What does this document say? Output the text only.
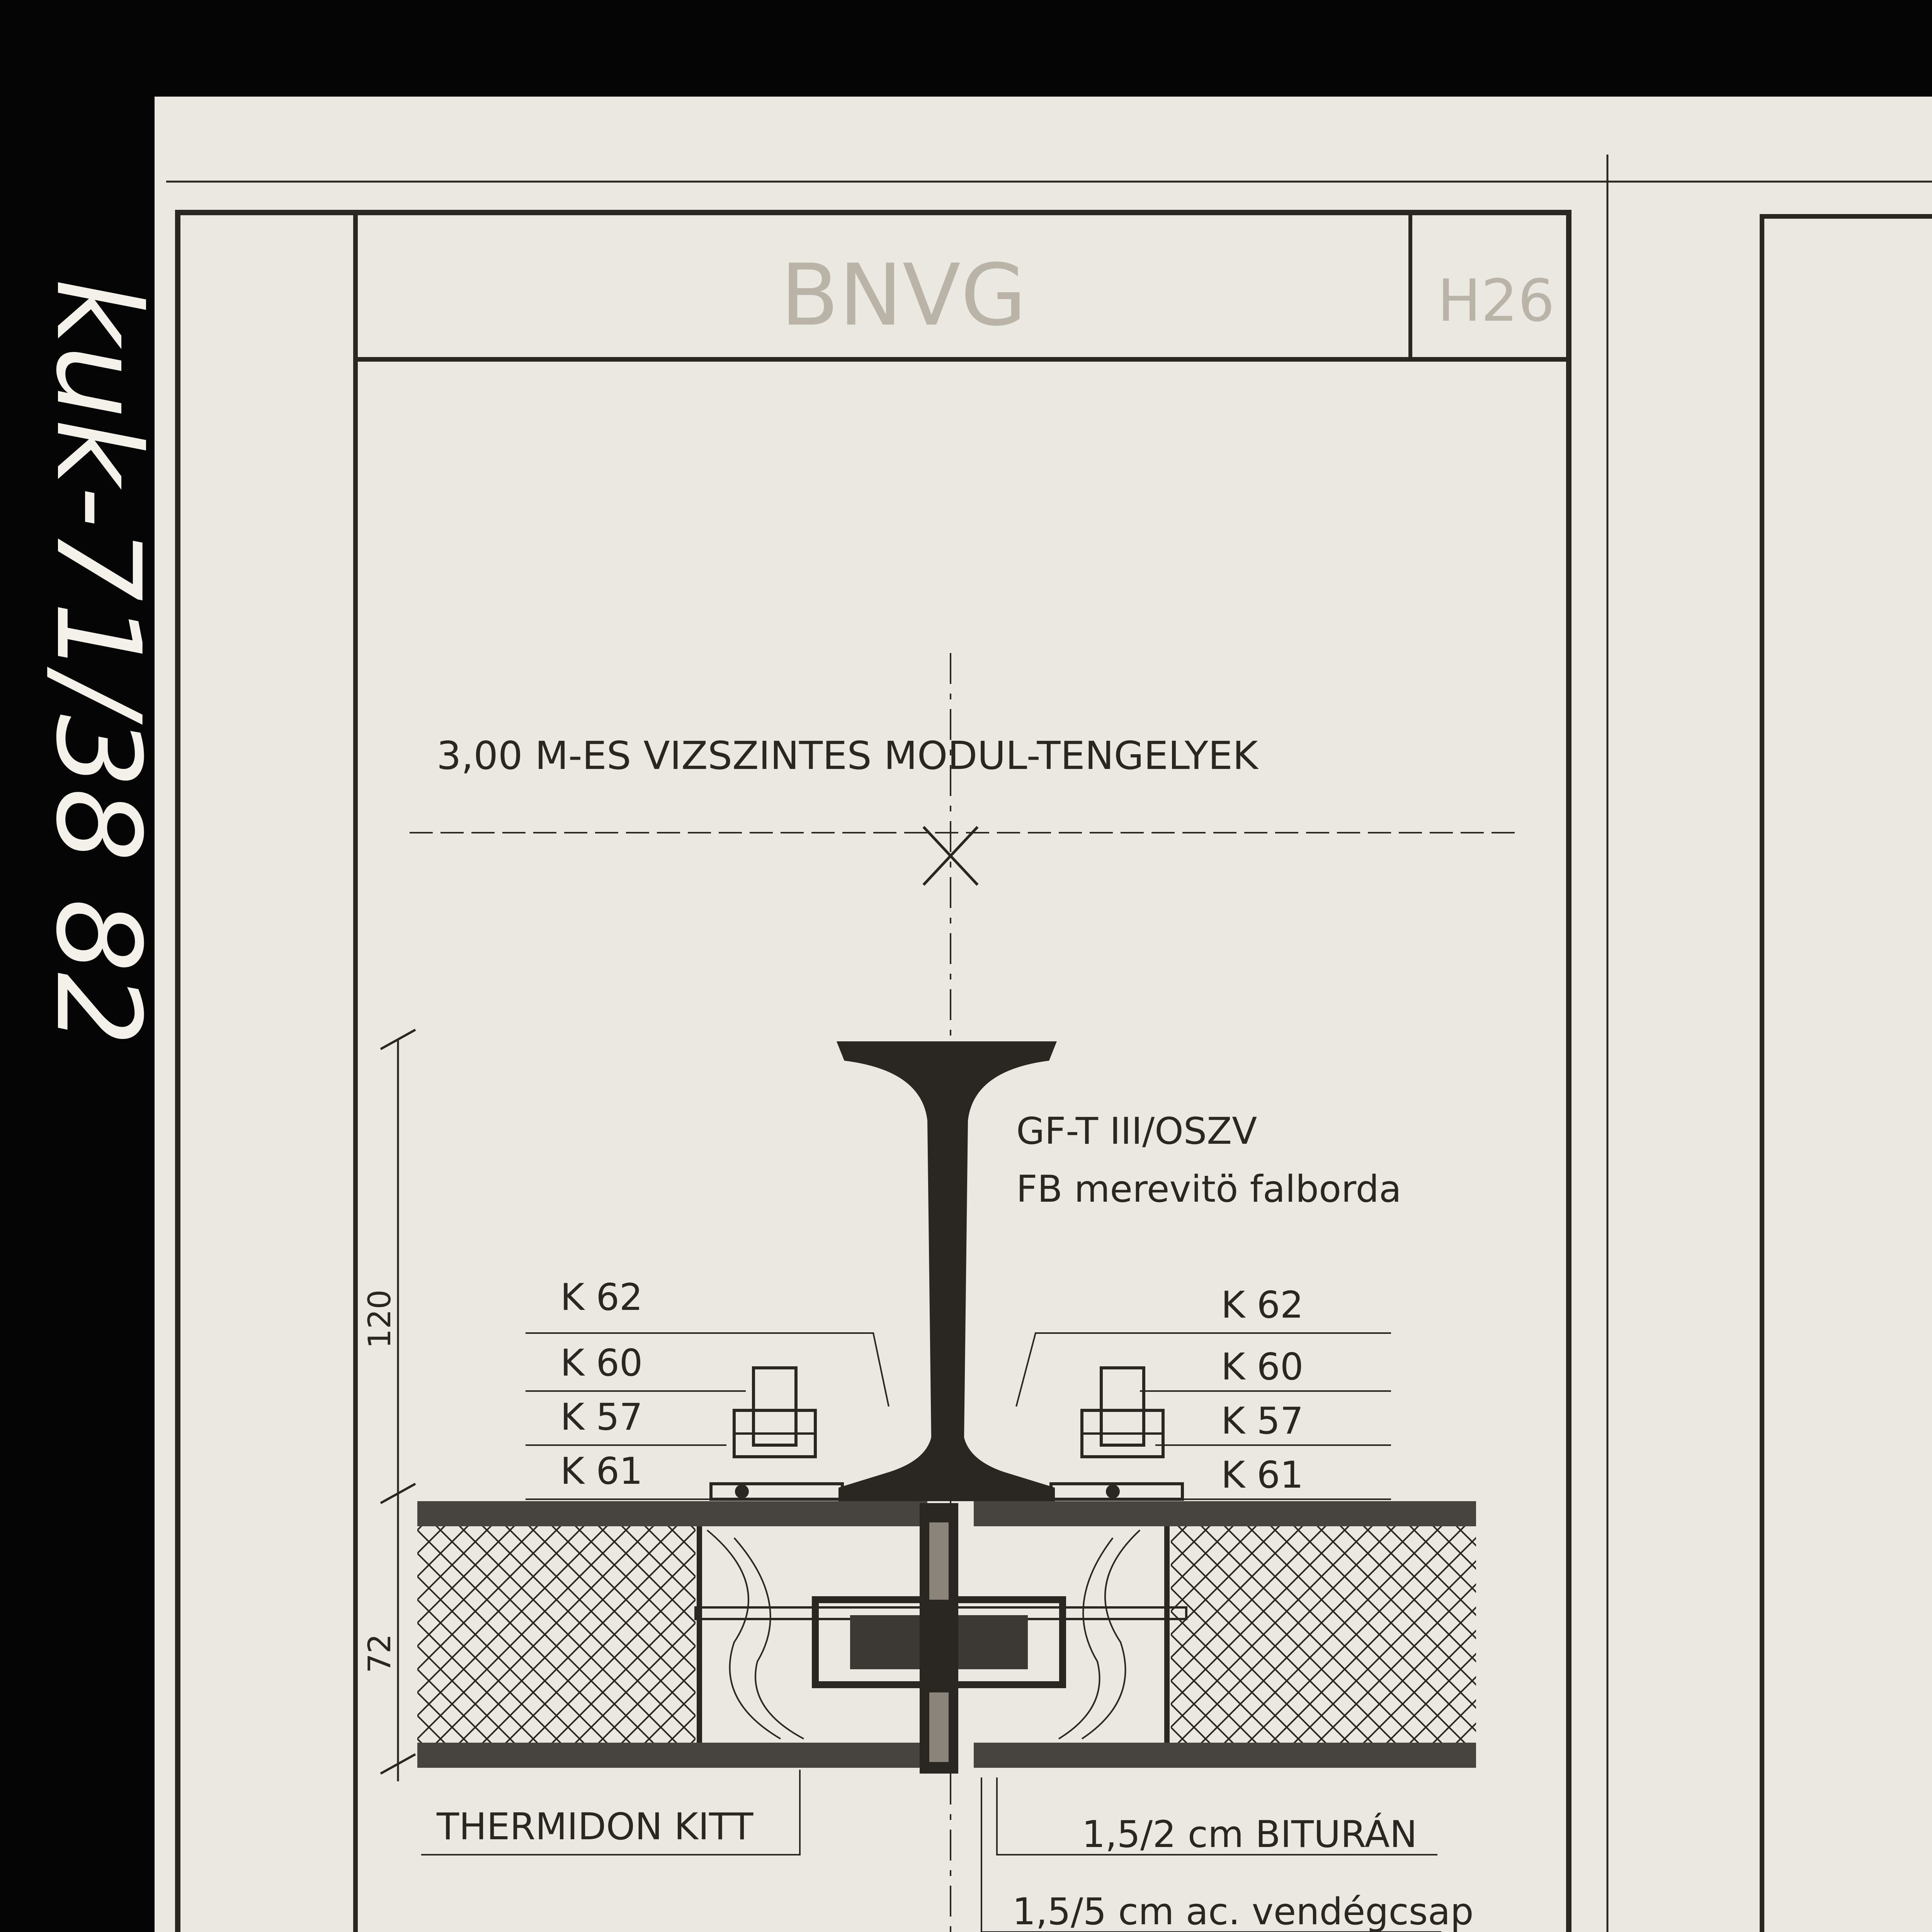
kuk-71/38 82	BNVG	H26
3,00 M-ES VIZSZINTES MODUL-TENGELYEK
GF-T III/OSZV
FB merevitö falborda
120
72
K 62
K 60
K 57
K 61
K 62
K 60
K 57
K 61
THERMIDON KITT	1,5/2 cm BITURÁN
1,5/5 cm ac. vendégcsap
